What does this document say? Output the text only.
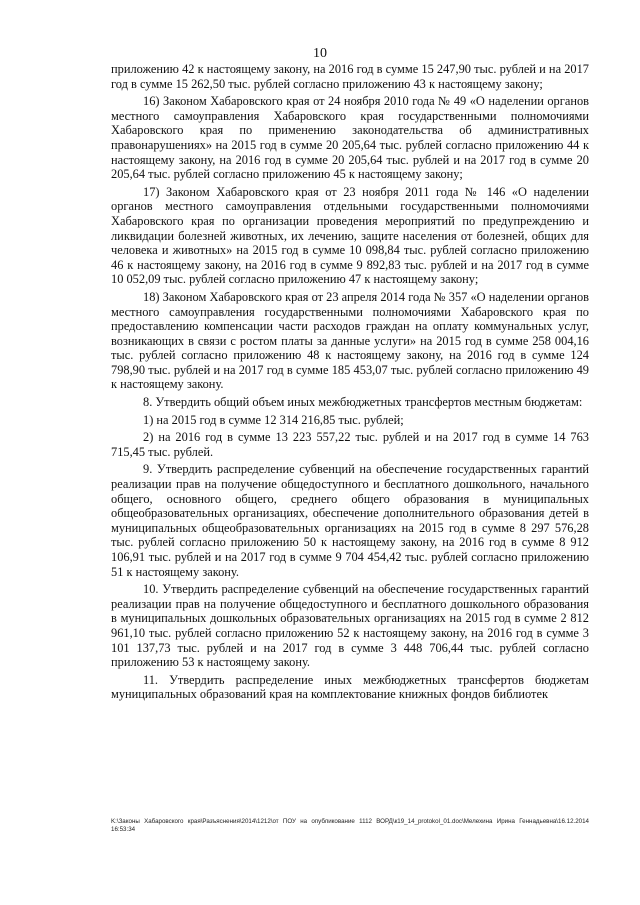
10

приложению 42 к настоящему закону, на 2016 год в сумме 15 247,90 тыс. рублей и на 2017 год в сумме 15 262,50 тыс. рублей согласно приложению 43 к настоящему закону;

16) Законом Хабаровского края от 24 ноября 2010 года № 49 «О наделении органов местного самоуправления Хабаровского края государственными полномочиями Хабаровского края по применению законодательства об административных правонарушениях» на 2015 год в сумме 20 205,64 тыс. рублей согласно приложению 44 к настоящему закону, на 2016 год в сумме 20 205,64 тыс. рублей и на 2017 год в сумме 20 205,64 тыс. рублей согласно приложению 45 к настоящему закону;

17) Законом Хабаровского края от 23 ноября 2011 года № 146 «О наделении органов местного самоуправления отдельными государственными полномочиями Хабаровского края по организации проведения мероприятий по предупреждению и ликвидации болезней животных, их лечению, защите населения от болезней, общих для человека и животных» на 2015 год в сумме 10 098,84 тыс. рублей согласно приложению 46 к настоящему закону, на 2016 год в сумме 9 892,83 тыс. рублей и на 2017 год в сумме 10 052,09 тыс. рублей согласно приложению 47 к настоящему закону;

18) Законом Хабаровского края от 23 апреля 2014 года № 357 «О наделении органов местного самоуправления государственными полномочиями Хабаровского края по предоставлению компенсации части расходов граждан на оплату коммунальных услуг, возникающих в связи с ростом платы за данные услуги» на 2015 год в сумме 258 004,16 тыс. рублей согласно приложению 48 к настоящему закону, на 2016 год в сумме 124 798,90 тыс. рублей и на 2017 год в сумме 185 453,07 тыс. рублей согласно приложению 49 к настоящему закону.

8. Утвердить общий объем иных межбюджетных трансфертов местным бюджетам:

1) на 2015 год в сумме 12 314 216,85 тыс. рублей;

2) на 2016 год в сумме 13 223 557,22 тыс. рублей и на 2017 год в сумме 14 763 715,45 тыс. рублей.

9. Утвердить распределение субвенций на обеспечение государственных гарантий реализации прав на получение общедоступного и бесплатного дошкольного, начального общего, основного общего, среднего общего образования в муниципальных общеобразовательных организациях, обеспечение дополнительного образования детей в муниципальных общеобразовательных организациях на 2015 год в сумме 8 297 576,28 тыс. рублей согласно приложению 50 к настоящему закону, на 2016 год в сумме 8 912 106,91 тыс. рублей и на 2017 год в сумме 9 704 454,42 тыс. рублей согласно приложению 51 к настоящему закону.

10. Утвердить распределение субвенций на обеспечение государственных гарантий реализации прав на получение общедоступного и бесплатного дошкольного образования в муниципальных дошкольных образовательных организациях на 2015 год в сумме 2 812 961,10 тыс. рублей согласно приложению 52 к настоящему закону, на 2016 год в сумме 3 101 137,73 тыс. рублей и на 2017 год в сумме 3 448 706,44 тыс. рублей согласно приложению 53 к настоящему закону.

11. Утвердить распределение иных межбюджетных трансфертов бюджетам муниципальных образований края на комплектование книжных фондов библиотек

K:\Законы Хабаровского края\Разъяснения\2014\1212\от ПОУ на опубликование 1112 ВОРД\к19_14_protokol_01.doc\Мелехина Ирина Геннадьевна\16.12.2014 16:53:34
